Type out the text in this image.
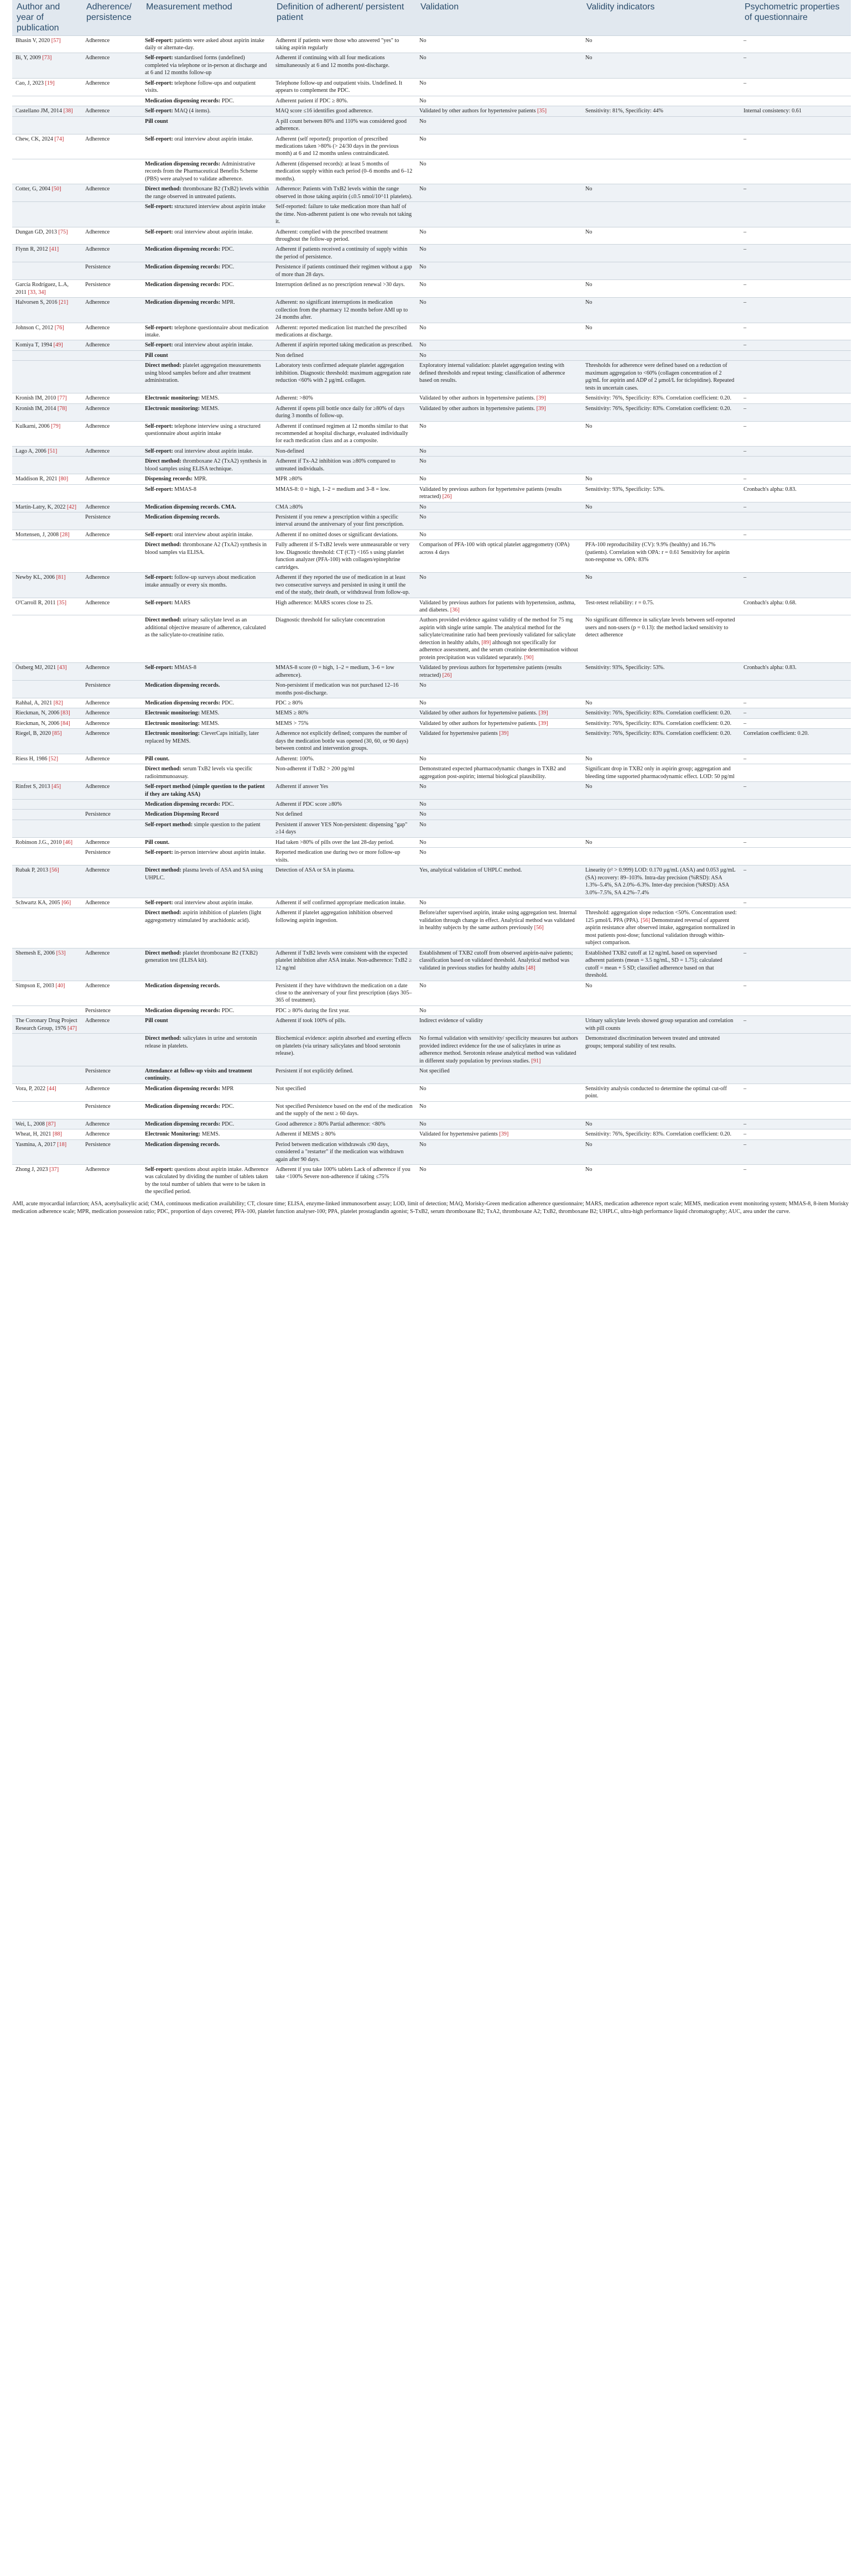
Author and year of publication	Adherence/ persistence	Measurement method	Definition of adherent/ persistent patient	Validation	Validity indicators	Psychometric properties of questionnaire
Bhasin V, 2020 [57]	Adherence	Self-report: patients were asked about aspirin intake daily or alternate-day.	Adherent if patients were those who answered "yes" to taking aspirin regularly	No	No	–
Bi, Y, 2009 [73]	Adherence	Self-report: standardised forms (undefined) completed via telephone or in-person at discharge and at 6 and 12 months follow-up	Adherent if continuing with all four medications simultaneously at 6 and 12 months post-discharge.	No	No	–
Cao, J, 2023 [19]	Adherence	Self-report: telephone follow-ups and outpatient visits.	Telephone follow-up and outpatient visits. Undefined. It appears to complement the PDC.	No		–
		Medication dispensing records: PDC.	Adherent patient if PDC ≥ 80%.	No		
Castellano JM, 2014 [38]	Adherence	Self-report: MAQ (4 items).	MAQ score ≤16 identifies good adherence.	Validated by other authors for hypertensive patients [35]	Sensitivity: 81%, Specificity: 44%	Internal consistency: 0.61
		Pill count	A pill count between 80% and 110% was considered good adherence.	No		
Chew, CK, 2024 [74]	Adherence	Self-report: oral interview about aspirin intake.	Adherent (self reported): proportion of prescribed medications taken >80% (> 24/30 days in the previous month) at 6 and 12 months unless contraindicated.	No		–
		Medication dispensing records: Administrative records from the Pharmaceutical Benefits Scheme (PBS) were analysed to validate adherence.	Adherent (dispensed records): at least 5 months of medication supply within each period (0–6 months and 6–12 months).	No		
Cotter, G, 2004 [50]	Adherence	Direct method: thromboxane B2 (TxB2) levels within the range observed in untreated patients.	Adherence: Patients with TxB2 levels within the range observed in those taking aspirin (≤0.5 nmol/10^11 platelets).	No	No	–
		Self-report: structured interview about aspirin intake	Self-reported: failure to take medication more than half of the time. Non-adherent patient is one who reveals not taking it.			
Dungan GD, 2013 [75]	Adherence	Self-report: oral interview about aspirin intake.	Adherent: complied with the prescribed treatment throughout the follow-up period.	No	No	–
Flynn R, 2012 [41]	Adherence	Medication dispensing records: PDC.	Adherent if patients received a continuity of supply within the period of persistence.	No		–
	Persistence	Medication dispensing records: PDC.	Persistence if patients continued their regimen without a gap of more than 28 days.	No		
García Rodríguez, L.A, 2011 [33, 34]	Persistence	Medication dispensing records: PDC.	Interruption defined as no prescription renewal >30 days.	No	No	–
Halvorsen S, 2016 [21]	Adherence	Medication dispensing records: MPR.	Adherent: no significant interruptions in medication collection from the pharmacy 12 months before AMI up to 24 months after.	No	No	–
Johnson C, 2012 [76]	Adherence	Self-report: telephone questionnaire about medication intake.	Adherent: reported medication list matched the prescribed medications at discharge.	No	No	–
Komiya T, 1994 [49]	Adherence	Self-report: oral interview about aspirin intake.	Adherent if aspirin reported taking medication as prescribed.	No		–
		Pill count	Non defined	No		
		Direct method: platelet aggregation measurements using blood samples before and after treatment administration.	Laboratory tests confirmed adequate platelet aggregation inhibition. Diagnostic threshold: maximum aggregation rate reduction <60% with 2 μg/mL collagen.	Exploratory internal validation: platelet aggregation testing with defined thresholds and repeat testing; classification of adherence based on results.	Thresholds for adherence were defined based on a reduction of maximum aggregation to <60% (collagen concentration of 2 μg/mL for aspirin and ADP of 2 μmol/L for ticlopidine). Repeated tests in uncertain cases.	
Kronish IM, 2010 [77]	Adherence	Electronic monitoring: MEMS.	Adherent: >80%	Validated by other authors in hypertensive patients. [39]	Sensitivity: 76%, Specificity: 83%. Correlation coefficient: 0.20.	–
Kronish IM, 2014 [78]	Adherence	Electronic monitoring: MEMS.	Adherent if opens pill bottle once daily for ≥80% of days during 3 months of follow-up.	Validated by other authors in hypertensive patients. [39]	Sensitivity: 76%, Specificity: 83%. Correlation coefficient: 0.20.	–
Kulkarni, 2006 [79]	Adherence	Self-report: telephone interview using a structured questionnaire about aspirin intake	Adherent if continued regimen at 12 months similar to that recommended at hospital discharge, evaluated individually for each medication class and as a composite.	No	No	–
Lago A, 2006 [51]	Adherence	Self-report: oral interview about aspirin intake.	Non-defined	No		–
		Direct method: thromboxane A2 (TxA2) synthesis in blood samples using ELISA technique.	Adherent if Tx-A2 inhibition was ≥80% compared to untreated individuals.	No		
Maddison R, 2021 [80]	Adherence	Dispensing records: MPR.	MPR ≥80%	No	No	–
		Self-report: MMAS-8	MMAS-8: 0 = high, 1–2 = medium and 3–8 = low.	Validated by previous authors for hypertensive patients (results retracted) [26]	Sensitivity: 93%, Specificity: 53%.	Cronbach's alpha: 0.83.
Martín-Latry, K, 2022 [42]	Adherence	Medication dispensing records. CMA.	CMA ≥80%	No	No	–
	Persistence	Medication dispensing records.	Persistent if you renew a prescription within a specific interval around the anniversary of your first prescription.	No		
Mortensen, J, 2008 [28]	Adherence	Self-report: oral interview about aspirin intake.	Adherent if no omitted doses or significant deviations.	No		–
		Direct method: thromboxane A2 (TxA2) synthesis in blood samples via ELISA.	Fully adherent if S-TxB2 levels were unmeasurable or very low. Diagnostic threshold: CT (CT) <165 s using platelet function analyzer (PFA-100) with collagen/epinephrine cartridges.	Comparison of PFA-100 with optical platelet aggregometry (OPA) across 4 days	PFA-100 reproducibility (CV): 9.9% (healthy) and 16.7% (patients). Correlation with OPA: r = 0.61 Sensitivity for aspirin non-response vs. OPA: 83%	
Newby KL, 2006 [81]	Adherence	Self-report: follow-up surveys about medication intake annually or every six months.	Adherent if they reported the use of medication in at least two consecutive surveys and persisted in using it until the end of the study, their death, or withdrawal from follow-up.	No	No	–
O'Carroll R, 2011 [35]	Adherence	Self-report: MARS	High adherence: MARS scores close to 25.	Validated by previous authors for patients with hypertension, asthma, and diabetes. [36]	Test-retest reliability: r = 0.75.	Cronbach's alpha: 0.68.
		Direct method: urinary salicylate level as an additional objective measure of adherence, calculated as the salicylate-to-creatinine ratio.	Diagnostic threshold for salicylate concentration	Authors provided evidence against validity of the method for 75 mg aspirin with single urine sample. The analytical method for the salicylate/creatinine ratio had been previously validated for salicylate detection in healthy adults, [89] although not specifically for adherence assessment, and the serum creatinine determination without protein precipitation was validated separately. [90]	No significant difference in salicylate levels between self-reported users and non-users (p = 0.13): the method lacked sensitivity to detect adherence	
Östberg MJ, 2021 [43]	Adherence	Self-report: MMAS-8	MMAS-8 score (0 = high, 1–2 = medium, 3–6 = low adherence).	Validated by previous authors for hypertensive patients (results retracted) [26]	Sensitivity: 93%, Specificity: 53%.	Cronbach's alpha: 0.83.
	Persistence	Medication dispensing records.	Non-persistent if medication was not purchased 12–16 months post-discharge.	No		
Rahhal, A, 2021 [82]	Adherence	Medication dispensing records: PDC.	PDC ≥ 80%	No	No	–
Rieckman, N, 2006 [83]	Adherence	Electronic monitoring: MEMS.	MEMS ≥ 80%	Validated by other authors for hypertensive patients. [39]	Sensitivity: 76%, Specificity: 83%. Correlation coefficient: 0.20.	–
Rieckman, N, 2006 [84]	Adherence	Electronic monitoring: MEMS.	MEMS > 75%	Validated by other authors for hypertensive patients. [39]	Sensitivity: 76%, Specificity: 83%. Correlation coefficient: 0.20.	–
Riegel, B, 2020 [85]	Adherence	Electronic monitoring: CleverCaps initially, later replaced by MEMS.	Adherence not explicitly defined; compares the number of days the medication bottle was opened (30, 60, or 90 days) between control and intervention groups.	Validated for hypertensive patients [39]	Sensitivity: 76%, Specificity: 83%. Correlation coefficient: 0.20.	Correlation coefficient: 0.20.
Riess H, 1986 [52]	Adherence	Pill count.	Adherent: 100%.	No	No	–
		Direct method: serum TxB2 levels via specific radioimmunoassay.	Non-adherent if TxB2 > 200 pg/ml	Demonstrated expected pharmacodynamic changes in TXB2 and aggregation post-aspirin; internal biological plausibility.	Significant drop in TXB2 only in aspirin group; aggregation and bleeding time supported pharmacodynamic effect. LOD: 50 pg/ml	
Rinfret S, 2013 [45]	Adherence	Self-report method (simple question to the patient if they are taking ASA)	Adherent if answer Yes	No	No	–
		Medication dispensing records: PDC.	Adherent if PDC score ≥80%	No		
	Persistence	Medication Dispensing Record	Not defined	No		
		Self-report method: simple question to the patient	Persistent if answer YES Non-persistent: dispensing "gap" ≥14 days	No		
Robinson J.G., 2010 [46]	Adherence	Pill count.	Had taken >80% of pills over the last 28-day period.	No	No	–
	Persistence	Self-report: in-person interview about aspirin intake.	Reported medication use during two or more follow-up visits.	No		
Rubak P, 2013 [56]	Adherence	Direct method: plasma levels of ASA and SA using UHPLC.	Detection of ASA or SA in plasma.	Yes, analytical validation of UHPLC method.	Linearity (r² > 0.999) LOD: 0.170 µg/mL (ASA) and 0.053 µg/mL (SA) recovery: 89–103%. Intra-day precision (%RSD): ASA 1.3%–5.4%, SA 2.0%–6.3%. Inter-day precision (%RSD): ASA 3.0%–7.5%, SA 4.2%–7.4%	–
Schwartz KA, 2005 [66]	Adherence	Self-report: oral interview about aspirin intake.	Adherent if self confirmed appropriate medication intake.	No		–
		Direct method: aspirin inhibition of platelets (light aggregometry stimulated by arachidonic acid).	Adherent if platelet aggregation inhibition observed following aspirin ingestion.	Before/after supervised aspirin, intake using aggregation test. Internal validation through change in effect. Analytical method was validated in healthy subjects by the same authors previously [56]	Threshold: aggregation slope reduction <50%. Concentration used: 125 µmol/L PPA (PPA). [56] Demonstrated reversal of apparent aspirin resistance after observed intake, aggregation normalized in most patients post-dose; functional validation through within-subject comparison.	
Shemesh E, 2006 [53]	Adherence	Direct method: platelet thromboxane B2 (TXB2) generation test (ELISA kit).	Adherent if TxB2 levels were consistent with the expected platelet inhibition after ASA intake. Non-adherence: TxB2 ≥ 12 ng/ml	Establishment of TXB2 cutoff from observed aspirin-naive patients; classification based on validated threshold. Analytical method was validated in previous studies for healthy adults [48]	Established TXB2 cutoff at 12 ng/mL based on supervised adherent patients (mean = 3.5 ng/mL, SD = 1.75); calculated cutoff = mean + 5 SD; classified adherence based on that threshold.	–
Simpson E, 2003 [40]	Adherence	Medication dispensing records.	Persistent if they have withdrawn the medication on a date close to the anniversary of your first prescription (days 305–365 of treatment).	No	No	–
	Persistence	Medication dispensing records: PDC.	PDC ≥ 80% during the first year.	No		
The Coronary Drug Project Research Group, 1976 [47]	Adherence	Pill count	Adherent if took 100% of pills.	Indirect evidence of validity	Urinary salicylate levels showed group separation and correlation with pill counts	–
		Direct method: salicylates in urine and serotonin release in platelets.	Biochemical evidence: aspirin absorbed and exerting effects on platelets (via urinary salicylates and blood serotonin release).	No formal validation with sensitivity/ specificity measures but authors provided indirect evidence for the use of salicylates in urine as adherence method. Serotonin release analytical method was validated in different study population by previous studies. [91]	Demonstrated discrimination between treated and untreated groups; temporal stability of test results.	
	Persistence	Attendance at follow-up visits and treatment continuity.	Persistent if not explicitly defined.	Not specified		
Vora, P, 2022 [44]	Adherence	Medication dispensing records: MPR	Not specified	No	Sensitivity analysis conducted to determine the optimal cut-off point.	–
	Persistence	Medication dispensing records: PDC.	Not specified Persistence based on the end of the medication and the supply of the next ≥ 60 days.	No		
Wei, L, 2008 [87]	Adherence	Medication dispensing records: PDC.	Good adherence ≥ 80% Partial adherence: <80%	No	No	–
Wheat, H, 2021 [88]	Adherence	Electronic Monitoring: MEMS.	Adherent if MEMS ≥ 80%	Validated for hypertensive patients [39]	Sensitivity: 76%, Specificity: 83%. Correlation coefficient: 0.20.	–
Yasmina, A, 2017 [18]	Persistence	Medication dispensing records.	Period between medication withdrawals ≤90 days, considered a "restarter" if the medication was withdrawn again after 90 days.	No	No	–
Zhong J, 2023 [37]	Adherence	Self-report: questions about aspirin intake. Adherence was calculated by dividing the number of tablets taken by the total number of tablets that were to be taken in the specified period.	Adherent if you take 100% tablets Lack of adherence if you take <100% Severe non-adherence if taking ≤75%	No	No	–
AMI, acute myocardial infarction; ASA, acetylsalicylic acid; CMA, continuous medication availability; CT, closure time; ELISA, enzyme-linked immunosorbent assay; LOD, limit of detection; MAQ, Morisky-Green medication adherence questionnaire; MARS, medication adherence report scale; MEMS, medication event monitoring system; MMAS-8, 8-item Morisky medication adherence scale; MPR, medication possession ratio; PDC, proportion of days covered; PFA-100, platelet function analyser-100; PPA, platelet prostaglandin agonist; S-TxB2, serum thromboxane B2; TxA2, thromboxane A2; TxB2, thromboxane B2; UHPLC, ultra-high performance liquid chromatography; AUC, area under the curve.
